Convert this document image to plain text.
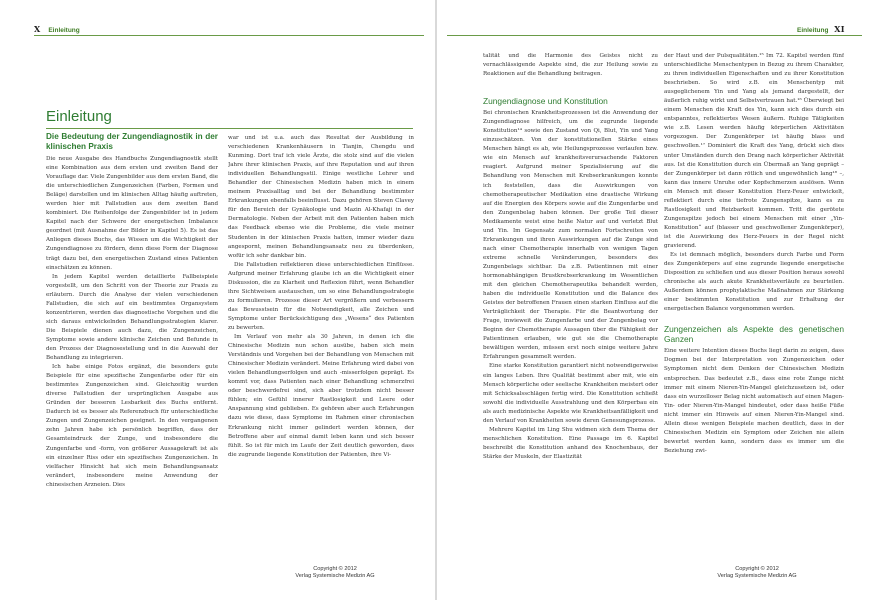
X Einleitung
Einleitung
Die Bedeutung der Zungendiagnostik in der klinischen Praxis

Die neue Ausgabe des Handbuchs Zungendiagnostik stellt eine Kombination aus dem ersten und zweiten Band der Vorauflage dar. Viele Zungenbilder aus dem ersten Band, die die unterschiedlichen Zungenzeichen (Farben, Formen und Beläge) darstellen und im klinischen Alltag häufig auftreten, werden hier mit Fallstudien aus dem zweiten Band kombiniert. Die Reihenfolge der Zungenbilder ist in jedem Kapitel nach der Schwere der energetischen Imbalance geordnet (mit Ausnahme der Bilder in Kapitel 5). Es ist das Anliegen dieses Buchs, das Wissen um die Wichtigkeit der Zungendiagnose zu fördern, denn diese Form der Diagnose trägt dazu bei, den energetischen Zustand eines Patienten einschätzen zu können.

In jedem Kapitel werden detaillierte Fallbeispiele vorgestellt, um den Schritt von der Theorie zur Praxis zu erläutern. Durch die Analyse der vielen verschiedenen Fallstudien, die sich auf ein bestimmtes Organsystem konzentrieren, werden das diagnostische Vorgehen und die sich daraus entwickelnden Behandlungsstrategien klarer. Die Beispiele dienen auch dazu, die Zungenzeichen, Symptome sowie andere klinische Zeichen und Befunde in den Prozess der Diagnosestellung und in die Auswahl der Behandlung zu integrieren.

Ich habe einige Fotos ergänzt, die besonders gute Beispiele für eine spezifische Zungenfarbe oder für ein bestimmtes Zungenzeichen sind. Gleichzeitig wurden diverse Fallstudien der ursprünglichen Ausgabe aus Gründen der besseren Lesbarkeit des Buchs entfernt. Dadurch ist es besser als Referenzbuch für unterschiedliche Zungen und Zungenzeichen geeignet. In den vergangenen zehn Jahren habe ich persönlich begriffen, dass der Gesamteindruck der Zunge, und insbesondere die Zungenfarbe und -form, von größerer Aussagekraft ist als ein einzelner Riss oder ein spezifisches Zungenzeichen. In vielfacher Hinsicht hat sich mein Behandlungsansatz verändert, insbesondere meine Anwendung der chinesischen Arzneien. Dies

war und ist u.a. auch das Resultat der Ausbildung in verschiedenen Krankenhäusern in Tianjin, Chengdu und Kunming. Dort traf ich viele Ärzte, die stolz sind auf die vielen Jahre ihrer klinischen Praxis, auf ihre Reputation und auf ihren individuellen Behandlungsstil. Einige westliche Lehrer und Behandler der Chinesischen Medizin haben mich in einem meinem Praxisalltag und bei der Behandlung bestimmter Erkrankungen ebenfalls beeinflusst. Dazu gehören Steven Clavey für den Bereich der Gynäkologie und Mazin Al-Khafaji in der Dermatologie. Neben der Arbeit mit den Patienten haben mich das Feedback ebenso wie die Probleme, die viele meiner Studenten in der klinischen Praxis hatten, immer wieder dazu angespornt, meinen Behandlungsansatz neu zu überdenken, wofür ich sehr dankbar bin.

Die Fallstudien reflektieren diese unterschiedlichen Einflüsse. Aufgrund meiner Erfahrung glaube ich an die Wichtigkeit einer Diskussion, die zu Klarheit und Reflexion führt, wenn Behandler ihre Sichtweisen austauschen, um so eine Behandlungsstrategie zu formulieren. Prozesse dieser Art vergrößern und verbessern das Bewusstsein für die Notwendigkeit, alle Zeichen und Symptome unter Berücksichtigung des „Wesens“ des Patienten zu bewerten.

Im Verlauf von mehr als 30 Jahren, in denen ich die Chinesische Medizin nun schon ausübe, haben sich mein Verständnis und Vorgehen bei der Behandlung von Menschen mit Chinesischer Medizin verändert. Meine Erfahrung wird dabei von vielen Behandlungserfolgen und auch -misserfolgen geprägt. Es kommt vor, dass Patienten nach einer Behandlung schmerzfrei oder beschwerdefrei sind, sich aber trotzdem nicht besser fühlen; ein Gefühl innerer Rastlosigkeit und Leere oder Anspannung sind geblieben. Es gehören aber auch Erfahrungen dazu wie diese, dass Symptome im Rahmen einer chronischen Erkrankung nicht immer gelindert werden können, der Betroffene aber auf einmal damit leben kann und sich besser fühlt. So ist für mich im Laufe der Zeit deutlich geworden, dass die zugrunde liegende Konstitution der Patienten, ihre Vi-

Copyright © 2012
Verlag Systemische Medizin AG
Einleitung XI

talität und die Harmonie des Geistes nicht zu vernachlässigende Aspekte sind, die zur Heilung sowie zu Reaktionen auf die Behandlung beitragen.

Zungendiagnose und Konstitution

Bei chronischen Krankheitsprozessen ist die Anwendung der Zungendiagnose hilfreich, um die zugrunde liegende Konstitution¹⁴ sowie den Zustand von Qi, Blut, Yin und Yang einzuschätzen. Von der konstitutionellen Stärke eines Menschen hängt es ab, wie Heilungsprozesse verlaufen bzw. wie ein Mensch auf krankheitsverursachende Faktoren reagiert. Aufgrund meiner Spezialisierung auf die Behandlung von Menschen mit Krebserkrankungen konnte ich feststellen, dass die Auswirkungen von chemotherapeutischer Medikation eine drastische Wirkung auf die Energien des Körpers sowie auf die Zungenfarbe und den Zungenbelag haben können. Der große Teil dieser Medikamente weist eine heiße Natur auf und verletzt Blut und Yin. Im Gegensatz zum normalen Fortschreiten von Erkrankungen und ihren Auswirkungen auf die Zunge sind nach einer Chemotherapie innerhalb von wenigen Tagen extreme schnelle Veränderungen, besonders des Zungenbelags sichtbar. Da z.B. Patientinnen mit einer hormonabhängigen Brustkrebserkrankung im Wesentlichen mit den gleichen Chemotherapeutika behandelt werden, haben die individuelle Konstitution und die Balance des Geistes der betroffenen Frauen einen starken Einfluss auf die Verträglichkeit der Therapie. Für die Beantwortung der Frage, inwieweit die Zungenfarbe und der Zungenbelag vor Beginn der Chemotherapie Aussagen über die Fähigkeit der Patientinnen erlauben, wie gut sie die Chemotherapie bewältigen werden, müssen erst noch einige weitere Jahre Erfahrungen gesammelt werden.

Eine starke Konstitution garantiert nicht notwendigerweise ein langes Leben. Ihre Qualität bestimmt aber mit, wie ein Mensch körperliche oder seelische Krankheiten meistert oder mit Schicksalsschlägen fertig wird. Die Konstitution schließt sowohl die individuelle Ausstrahlung und den Körperbau ein als auch medizinische Aspekte wie Krankheitsanfälligkeit und den Verlauf von Krankheiten sowie deren Genesungsprozess.

Mehrere Kapitel im Ling Shu widmen sich dem Thema der menschlichen Konstitution. Eine Passage im 6. Kapitel beschreibt die Konstitution anhand des Knochenbaus, der Stärke der Muskeln, der Elastizität

der Haut und der Pulsqualitäten.¹⁵ Im 72. Kapitel werden fünf unterschiedliche Menschentypen in Bezug zu ihrem Charakter, zu ihren individuellen Eigenschaften und zu ihrer Konstitution beschrieben. So wird z.B. ein Menschentyp mit ausgeglichenem Yin und Yang als jemand dargestellt, der äußerlich ruhig wirkt und Selbstvertrauen hat.¹⁶ Überwiegt bei einem Menschen die Kraft des Yin, kann sich dies durch ein entspanntes, reflektiertes Wesen äußern. Ruhige Tätigkeiten wie z.B. Lesen werden häufig körperlichen Aktivitäten vorgezogen. Der Zungenkörper ist häufig blass und geschwollen.¹⁷ Dominiert die Kraft des Yang, drückt sich dies unter Umständen durch den Drang nach körperlicher Aktivität aus. Ist die Konstitution durch ein Übermaß an Yang geprägt – der Zungenkörper ist dann rötlich und ungewöhnlich lang¹⁸ –, kann das innere Unruhe oder Kopfschmerzen auslösen. Wenn ein Mensch mit dieser Konstitution Herz-Feuer entwickelt, reflektiert durch eine tiefrote Zungenspitze, kann es zu Rastlosigkeit und Reizbarkeit kommen. Tritt die gerötete Zungenspitze jedoch bei einem Menschen mit einer „Yin-Konstitution“ auf (blasser und geschwollener Zungenkörper), ist die Auswirkung des Herz-Feuers in der Regel nicht gravierend.

Es ist demnach möglich, besonders durch Farbe und Form des Zungenkörpers auf eine zugrunde liegende energetische Disposition zu schließen und aus dieser Position heraus sowohl chronische als auch akute Krankheitsverläufe zu beurteilen. Außerdem können prophylaktische Maßnahmen zur Stärkung einer bestimmten Konstitution und zur Erhaltung der energetischen Balance vorgenommen werden.

Zungenzeichen als Aspekte des genetischen Ganzen

Eine weitere Intention dieses Buchs liegt darin zu zeigen, dass Dogmen bei der Interpretation von Zungenzeichen oder Symptomen nicht dem Denken der Chinesischen Medizin entsprechen. Das bedeutet z.B., dass eine rote Zunge nicht immer mit einem Nieren-Yin-Mangel gleichzusetzen ist, oder dass ein wurzelloser Belag nicht automatisch auf einen Magen-Yin- oder Nieren-Yin-Mangel hindeutet, oder dass heiße Füße nicht immer ein Hinweis auf einen Nieren-Yin-Mangel sind. Allein diese wenigen Beispiele machen deutlich, dass in der Chinesischen Medizin ein Symptom oder Zeichen nie allein bewertet werden kann, sondern dass es immer um die Beziehung zwi-

Copyright © 2012
Verlag Systemische Medizin AG
